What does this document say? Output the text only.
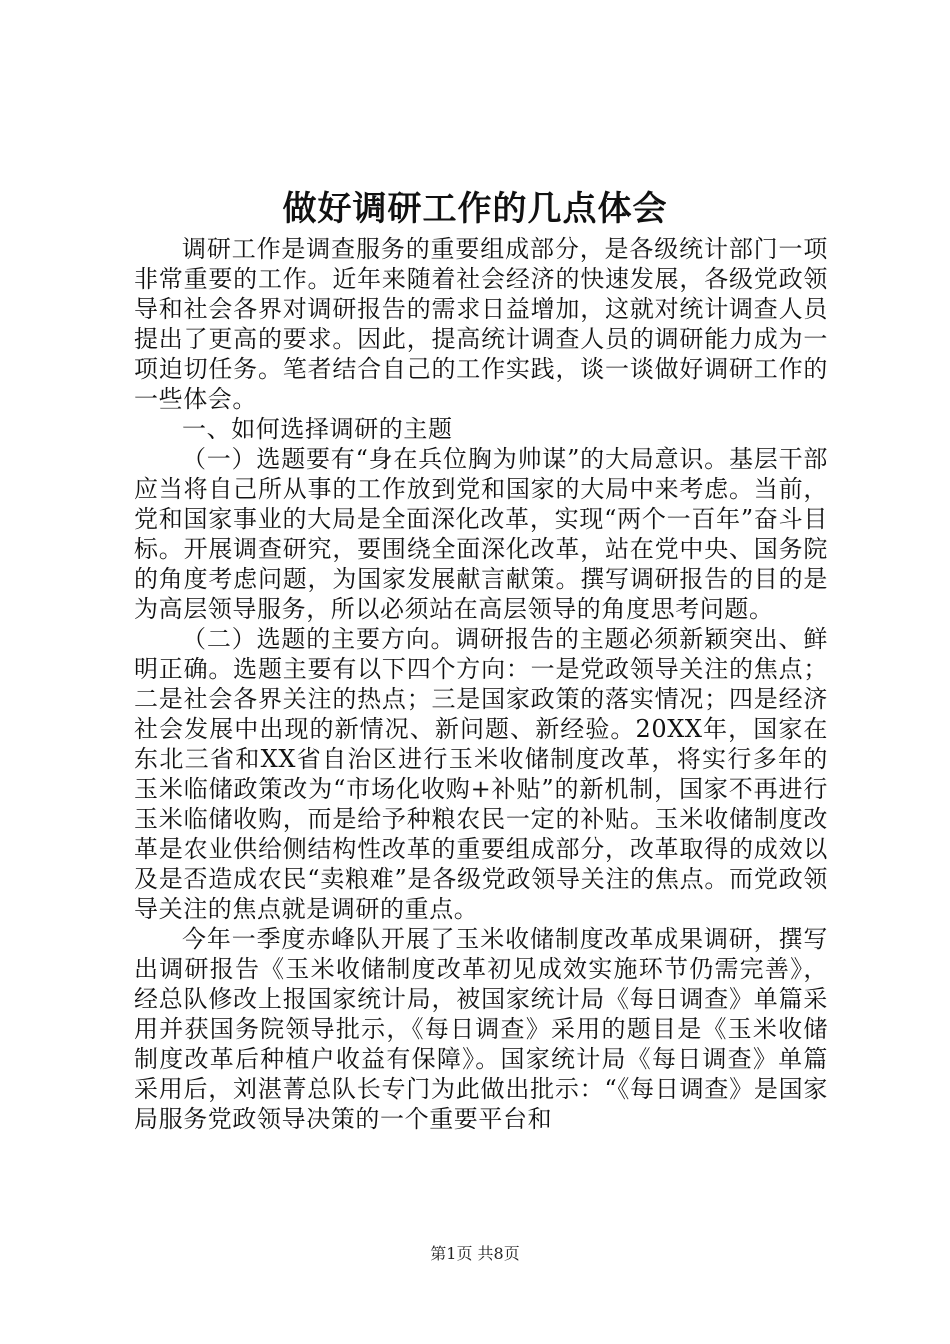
做好调研工作的几点体会

调研工作是调查服务的重要组成部分，是各级统计部门一项非常重要的工作。近年来随着社会经济的快速发展，各级党政领导和社会各界对调研报告的需求日益增加，这就对统计调查人员提出了更高的要求。因此，提高统计调查人员的调研能力成为一项迫切任务。笔者结合自己的工作实践，谈一谈做好调研工作的一些体会。

一、如何选择调研的主题

（一）选题要有“身在兵位胸为帅谋”的大局意识。基层干部应当将自己所从事的工作放到党和国家的大局中来考虑。当前，党和国家事业的大局是全面深化改革，实现“两个一百年”奋斗目标。开展调查研究，要围绕全面深化改革，站在党中央、国务院的角度考虑问题，为国家发展献言献策。撰写调研报告的目的是为高层领导服务，所以必须站在高层领导的角度思考问题。

（二）选题的主要方向。调研报告的主题必须新颖突出、鲜明正确。选题主要有以下四个方向：一是党政领导关注的焦点；二是社会各界关注的热点；三是国家政策的落实情况；四是经济社会发展中出现的新情况、新问题、新经验。20XX年，国家在东北三省和XX省自治区进行玉米收储制度改革，将实行多年的玉米临储政策改为“市场化收购+补贴”的新机制，国家不再进行玉米临储收购，而是给予种粮农民一定的补贴。玉米收储制度改革是农业供给侧结构性改革的重要组成部分，改革取得的成效以及是否造成农民“卖粮难”是各级党政领导关注的焦点。而党政领导关注的焦点就是调研的重点。

今年一季度赤峰队开展了玉米收储制度改革成果调研，撰写出调研报告《玉米收储制度改革初见成效实施环节仍需完善》，经总队修改上报国家统计局，被国家统计局《每日调查》单篇采用并获国务院领导批示，《每日调查》采用的题目是《玉米收储制度改革后种植户收益有保障》。国家统计局《每日调查》单篇采用后，刘湛菁总队长专门为此做出批示：“《每日调查》是国家局服务党政领导决策的一个重要平台和

第1页 共8页
